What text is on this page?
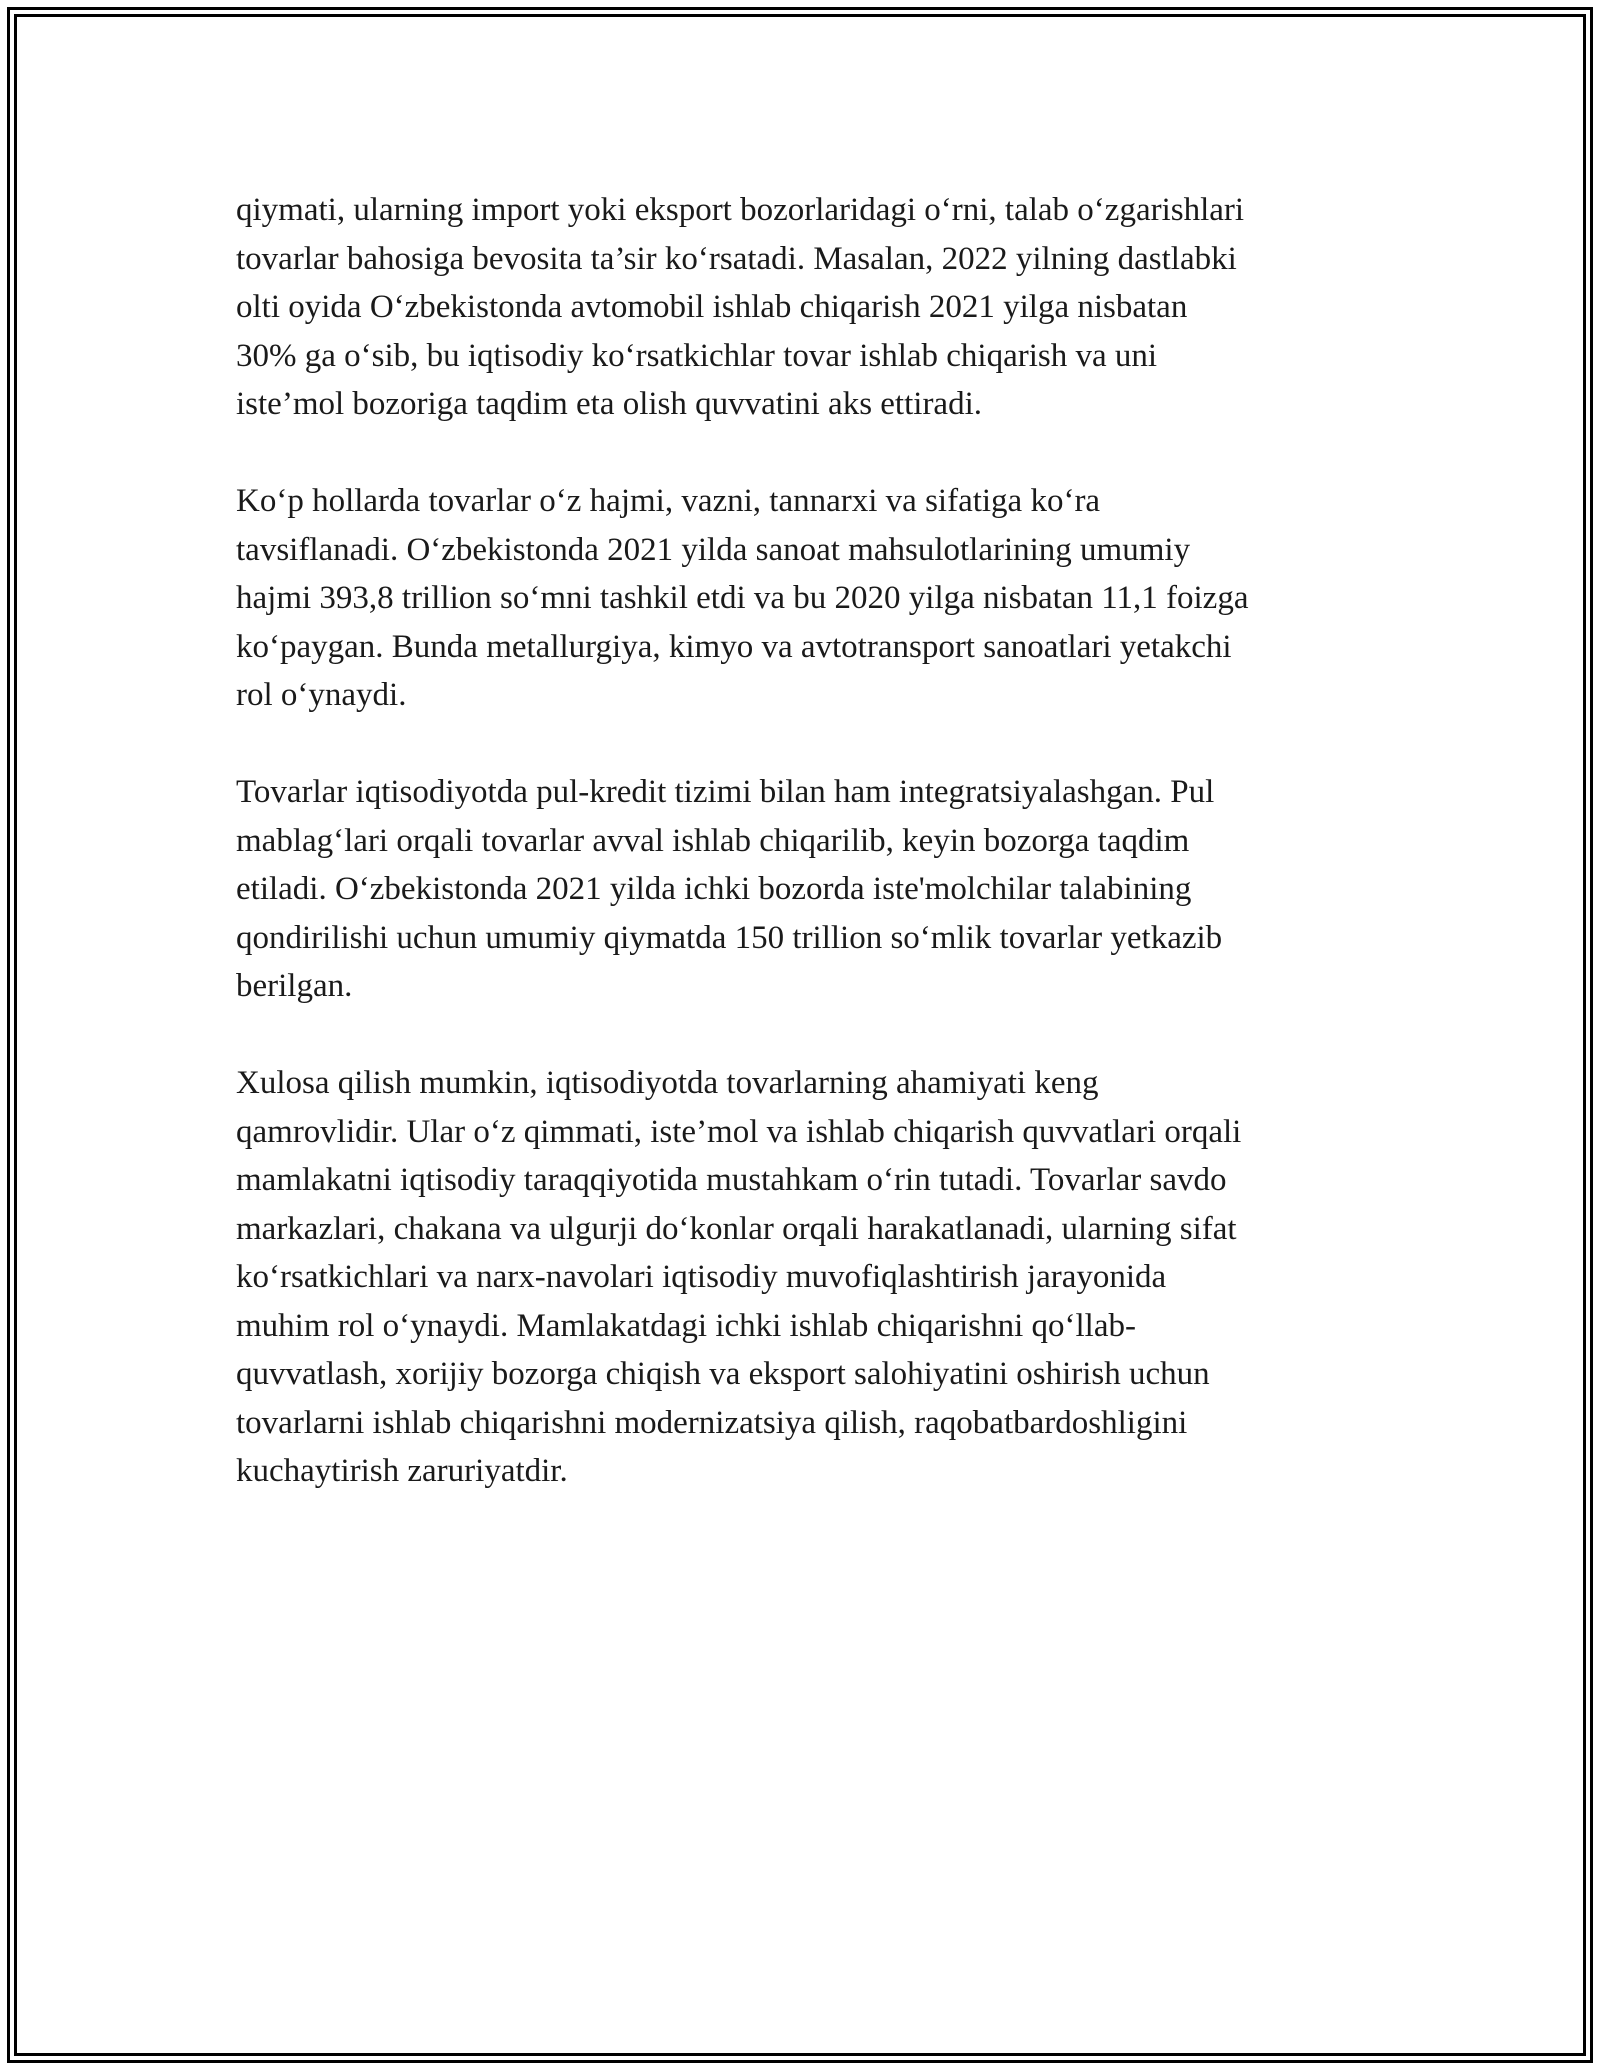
qiymati, ularning import yoki eksport bozorlaridagi o‘rni, talab o‘zgarishlari
tovarlar bahosiga bevosita ta’sir ko‘rsatadi. Masalan, 2022 yilning dastlabki
olti oyida O‘zbekistonda avtomobil ishlab chiqarish 2021 yilga nisbatan
30% ga o‘sib, bu iqtisodiy ko‘rsatkichlar tovar ishlab chiqarish va uni
iste’mol bozoriga taqdim eta olish quvvatini aks ettiradi.

Ko‘p hollarda tovarlar o‘z hajmi, vazni, tannarxi va sifatiga ko‘ra
tavsiflanadi. O‘zbekistonda 2021 yilda sanoat mahsulotlarining umumiy
hajmi 393,8 trillion so‘mni tashkil etdi va bu 2020 yilga nisbatan 11,1 foizga
ko‘paygan. Bunda metallurgiya, kimyo va avtotransport sanoatlari yetakchi
rol o‘ynaydi.

Tovarlar iqtisodiyotda pul-kredit tizimi bilan ham integratsiyalashgan. Pul
mablag‘lari orqali tovarlar avval ishlab chiqarilib, keyin bozorga taqdim
etiladi. O‘zbekistonda 2021 yilda ichki bozorda iste'molchilar talabining
qondirilishi uchun umumiy qiymatda 150 trillion so‘mlik tovarlar yetkazib
berilgan.

Xulosa qilish mumkin, iqtisodiyotda tovarlarning ahamiyati keng
qamrovlidir. Ular o‘z qimmati, iste’mol va ishlab chiqarish quvvatlari orqali
mamlakatni iqtisodiy taraqqiyotida mustahkam o‘rin tutadi. Tovarlar savdo
markazlari, chakana va ulgurji do‘konlar orqali harakatlanadi, ularning sifat
ko‘rsatkichlari va narx-navolari iqtisodiy muvofiqlashtirish jarayonida
muhim rol o‘ynaydi. Mamlakatdagi ichki ishlab chiqarishni qo‘llab-
quvvatlash, xorijiy bozorga chiqish va eksport salohiyatini oshirish uchun
tovarlarni ishlab chiqarishni modernizatsiya qilish, raqobatbardoshligini
kuchaytirish zaruriyatdir.
